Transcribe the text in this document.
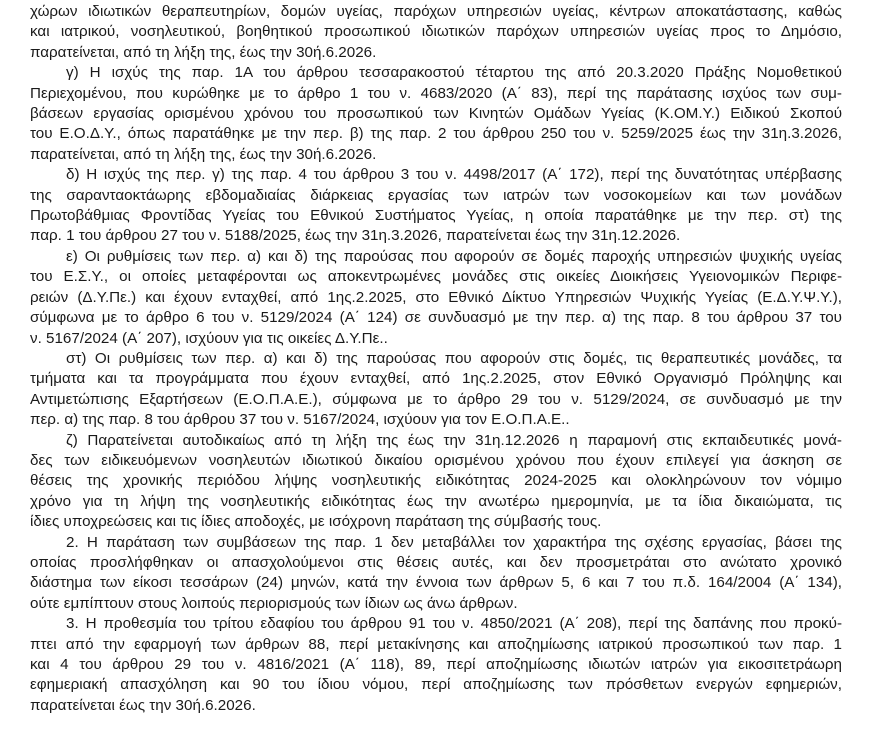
χώρων ιδιωτικών θεραπευτηρίων, δομών υγείας, παρόχων υπηρεσιών υγείας, κέντρων αποκατάστασης, καθώς
και ιατρικού, νοσηλευτικού, βοηθητικού προσωπικού ιδιωτικών παρόχων υπηρεσιών υγείας προς το Δημόσιο,
παρατείνεται, από τη λήξη της, έως την 30ή.6.2026.
γ) Η ισχύς της παρ. 1Α του άρθρου τεσσαρακοστού τέταρτου της από 20.3.2020 Πράξης Νομοθετικού
Περιεχομένου, που κυρώθηκε με το άρθρο 1 του ν. 4683/2020 (Α΄ 83), περί της παράτασης ισχύος των συμ-
βάσεων εργασίας ορισμένου χρόνου του προσωπικού των Κινητών Ομάδων Υγείας (Κ.ΟΜ.Υ.) Ειδικού Σκοπού
του Ε.Ο.Δ.Υ., όπως παρατάθηκε με την περ. β) της παρ. 2 του άρθρου 250 του ν. 5259/2025 έως την 31η.3.2026,
παρατείνεται, από τη λήξη της, έως την 30ή.6.2026.
δ) Η ισχύς της περ. γ) της παρ. 4 του άρθρου 3 του ν. 4498/2017 (Α΄ 172), περί της δυνατότητας υπέρβασης
της σαρανταοκτάωρης εβδομαδιαίας διάρκειας εργασίας των ιατρών των νοσοκομείων και των μονάδων
Πρωτοβάθμιας Φροντίδας Υγείας του Εθνικού Συστήματος Υγείας, η οποία παρατάθηκε με την περ. στ) της
παρ. 1 του άρθρου 27 του ν. 5188/2025, έως την 31η.3.2026, παρατείνεται έως την 31η.12.2026.
ε) Οι ρυθμίσεις των περ. α) και δ) της παρούσας που αφορούν σε δομές παροχής υπηρεσιών ψυχικής υγείας
του Ε.Σ.Υ., οι οποίες μεταφέρονται ως αποκεντρωμένες μονάδες στις οικείες Διοικήσεις Υγειονομικών Περιφε-
ρειών (Δ.Υ.Πε.) και έχουν ενταχθεί, από 1ης.2.2025, στο Εθνικό Δίκτυο Υπηρεσιών Ψυχικής Υγείας (Ε.Δ.Υ.Ψ.Υ.),
σύμφωνα με το άρθρο 6 του ν. 5129/2024 (Α΄ 124) σε συνδυασμό με την περ. α) της παρ. 8 του άρθρου 37 του
ν. 5167/2024 (Α΄ 207), ισχύουν για τις οικείες Δ.Υ.Πε..
στ) Οι ρυθμίσεις των περ. α) και δ) της παρούσας που αφορούν στις δομές, τις θεραπευτικές μονάδες, τα
τμήματα και τα προγράμματα που έχουν ενταχθεί, από 1ης.2.2025, στον Εθνικό Οργανισμό Πρόληψης και
Αντιμετώπισης Εξαρτήσεων (Ε.Ο.Π.Α.Ε.), σύμφωνα με το άρθρο 29 του ν. 5129/2024, σε συνδυασμό με την
περ. α) της παρ. 8 του άρθρου 37 του ν. 5167/2024, ισχύουν για τον Ε.Ο.Π.Α.Ε..
ζ) Παρατείνεται αυτοδικαίως από τη λήξη της έως την 31η.12.2026 η παραμονή στις εκπαιδευτικές μονά-
δες των ειδικευόμενων νοσηλευτών ιδιωτικού δικαίου ορισμένου χρόνου που έχουν επιλεγεί για άσκηση σε
θέσεις της χρονικής περιόδου λήψης νοσηλευτικής ειδικότητας 2024-2025 και ολοκληρώνουν τον νόμιμο
χρόνο για τη λήψη της νοσηλευτικής ειδικότητας έως την ανωτέρω ημερομηνία, με τα ίδια δικαιώματα, τις
ίδιες υποχρεώσεις και τις ίδιες αποδοχές, με ισόχρονη παράταση της σύμβασής τους.
2. Η παράταση των συμβάσεων της παρ. 1 δεν μεταβάλλει τον χαρακτήρα της σχέσης εργασίας, βάσει της
οποίας προσλήφθηκαν οι απασχολούμενοι στις θέσεις αυτές, και δεν προσμετράται στο ανώτατο χρονικό
διάστημα των είκοσι τεσσάρων (24) μηνών, κατά την έννοια των άρθρων 5, 6 και 7 του π.δ. 164/2004 (Α΄ 134),
ούτε εμπίπτουν στους λοιπούς περιορισμούς των ίδιων ως άνω άρθρων.
3. Η προθεσμία του τρίτου εδαφίου του άρθρου 91 του ν. 4850/2021 (Α΄ 208), περί της δαπάνης που προκύ-
πτει από την εφαρμογή των άρθρων 88, περί μετακίνησης και αποζημίωσης ιατρικού προσωπικού των παρ. 1
και 4 του άρθρου 29 του ν. 4816/2021 (Α΄ 118), 89, περί αποζημίωσης ιδιωτών ιατρών για εικοσιτετράωρη
εφημεριακή απασχόληση και 90 του ίδιου νόμου, περί αποζημίωσης των πρόσθετων ενεργών εφημεριών,
παρατείνεται έως την 30ή.6.2026.
